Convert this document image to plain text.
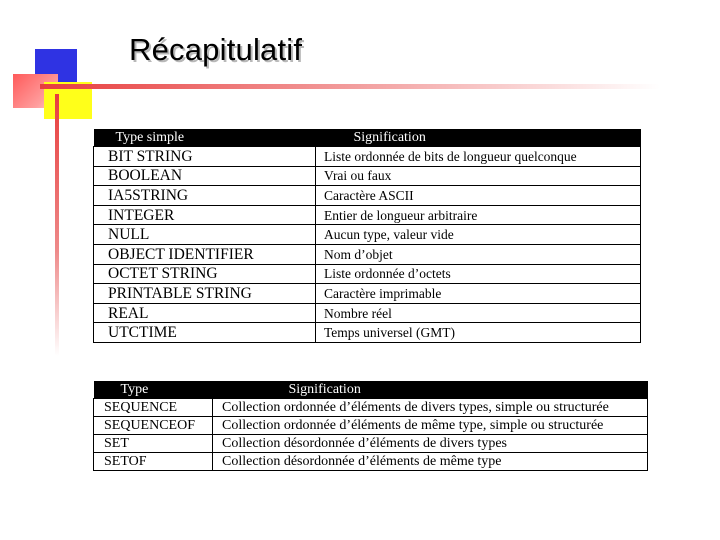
Récapitulatif
Type simple	Signification
BIT STRING	Liste ordonnée de bits de longueur quelconque
BOOLEAN	Vrai ou faux
IA5STRING	Caractère ASCII
INTEGER	Entier de longueur arbitraire
NULL	Aucun type, valeur vide
OBJECT IDENTIFIER	Nom d’objet
OCTET STRING	Liste ordonnée d’octets
PRINTABLE STRING	Caractère imprimable
REAL	Nombre réel
UTCTIME	Temps universel (GMT)
Type	Signification
SEQUENCE	Collection ordonnée d’éléments de divers types, simple ou structurée
SEQUENCEOF	Collection ordonnée d’éléments de même type, simple ou structurée
SET	Collection désordonnée d’éléments de divers types
SETOF	Collection désordonnée d’éléments de même type
